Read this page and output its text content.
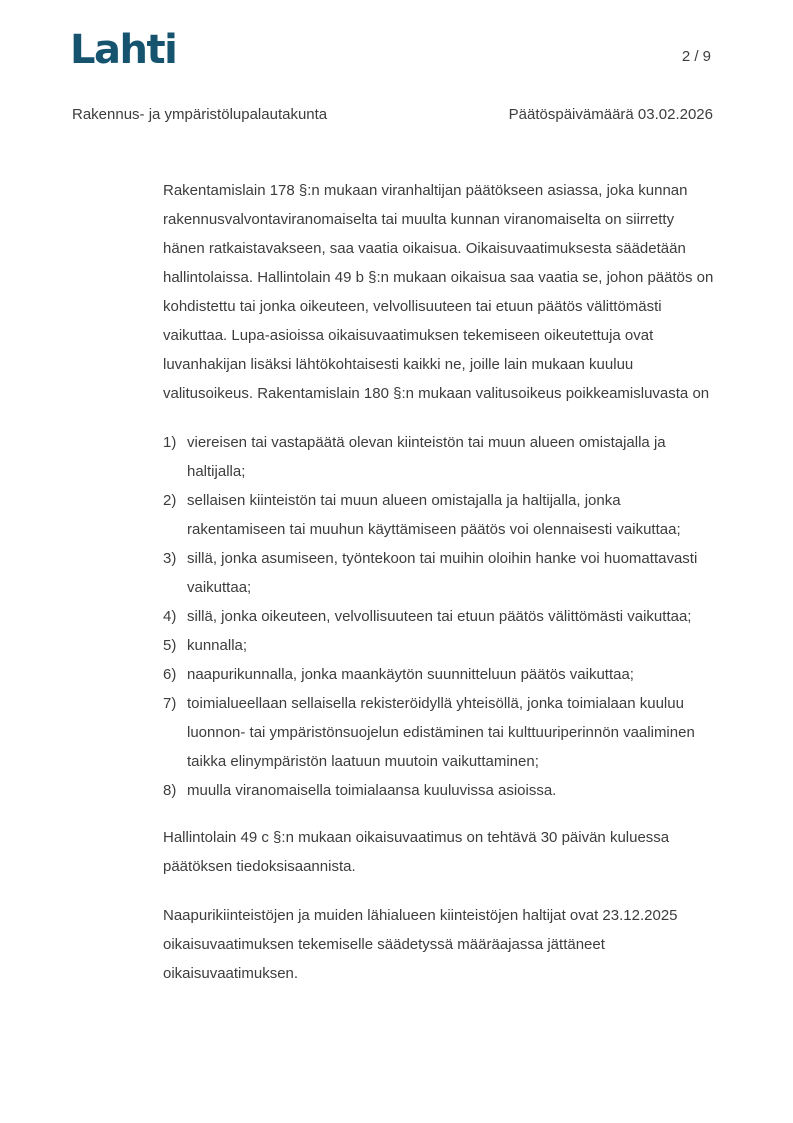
Lahti	2 / 9
Rakennus- ja ympäristölupalautakunta	Päätöspäivämäärä 03.02.2026

Rakentamislain 178 §:n mukaan viranhaltijan päätökseen asiassa, joka kunnan rakennusvalvontaviranomaiselta tai muulta kunnan viranomaiselta on siirretty hänen ratkaistavakseen, saa vaatia oikaisua. Oikaisuvaatimuksesta säädetään hallintolaissa. Hallintolain 49 b §:n mukaan oikaisua saa vaatia se, johon päätös on kohdistettu tai jonka oikeuteen, velvollisuuteen tai etuun päätös välittömästi vaikuttaa. Lupa-asioissa oikaisuvaatimuksen tekemiseen oikeutettuja ovat luvanhakijan lisäksi lähtökohtaisesti kaikki ne, joille lain mukaan kuuluu valitusoikeus. Rakentamislain 180 §:n mukaan valitusoikeus poikkeamisluvasta on

1) viereisen tai vastapäätä olevan kiinteistön tai muun alueen omistajalla ja haltijalla;
2) sellaisen kiinteistön tai muun alueen omistajalla ja haltijalla, jonka rakentamiseen tai muuhun käyttämiseen päätös voi olennaisesti vaikuttaa;
3) sillä, jonka asumiseen, työntekoon tai muihin oloihin hanke voi huomattavasti vaikuttaa;
4) sillä, jonka oikeuteen, velvollisuuteen tai etuun päätös välittömästi vaikuttaa;
5) kunnalla;
6) naapurikunnalla, jonka maankäytön suunnitteluun päätös vaikuttaa;
7) toimialueellaan sellaisella rekisteröidyllä yhteisöllä, jonka toimialaan kuuluu luonnon- tai ympäristönsuojelun edistäminen tai kulttuuriperinnön vaaliminen taikka elinympäristön laatuun muutoin vaikuttaminen;
8) muulla viranomaisella toimialaansa kuuluvissa asioissa.

Hallintolain 49 c §:n mukaan oikaisuvaatimus on tehtävä 30 päivän kuluessa päätöksen tiedoksisaannista.

Naapurikiinteistöjen ja muiden lähialueen kiinteistöjen haltijat ovat 23.12.2025 oikaisuvaatimuksen tekemiselle säädetyssä määräajassa jättäneet oikaisuvaatimuksen.
